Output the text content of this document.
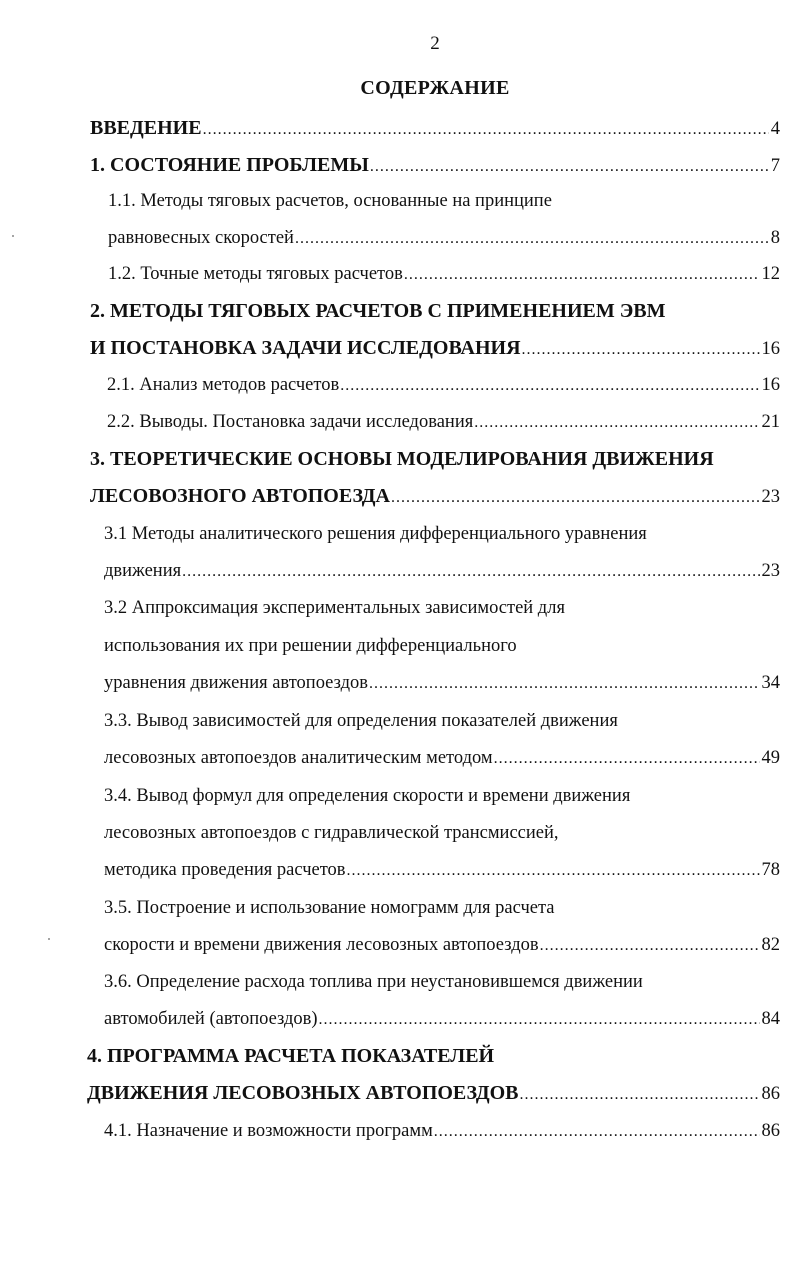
2
СОДЕРЖАНИЕ
ВВЕДЕНИЕ .....	4
1. СОСТОЯНИЕ ПРОБЛЕМЫ .....	7
1.1. Методы тяговых расчетов, основанные на принципе
равновесных скоростей .....	8
1.2. Точные методы тяговых расчетов .....	12
2. МЕТОДЫ ТЯГОВЫХ РАСЧЕТОВ С ПРИМЕНЕНИЕМ ЭВМ
И ПОСТАНОВКА ЗАДАЧИ ИССЛЕДОВАНИЯ .....	16
2.1. Анализ методов расчетов .....	16
2.2. Выводы. Постановка задачи исследования .....	21
3. ТЕОРЕТИЧЕСКИЕ ОСНОВЫ МОДЕЛИРОВАНИЯ ДВИЖЕНИЯ
ЛЕСОВОЗНОГО АВТОПОЕЗДА .....	23
3.1 Методы аналитического решения дифференциального уравнения
движения .....	23
3.2 Аппроксимация экспериментальных зависимостей для
использования их при решении дифференциального
уравнения движения автопоездов .....	34
3.3. Вывод зависимостей для определения показателей движения
лесовозных автопоездов аналитическим методом .....	49
3.4. Вывод формул для определения скорости и времени движения
лесовозных автопоездов с гидравлической трансмиссией,
методика проведения расчетов .....	78
3.5. Построение и использование номограмм для расчета
скорости и времени движения лесовозных автопоездов .....	82
3.6. Определение расхода топлива при неустановившемся движении
автомобилей (автопоездов) .....	84
4. ПРОГРАММА РАСЧЕТА ПОКАЗАТЕЛЕЙ
ДВИЖЕНИЯ ЛЕСОВОЗНЫХ АВТОПОЕЗДОВ .....	86
4.1. Назначение и возможности программ .....	86
